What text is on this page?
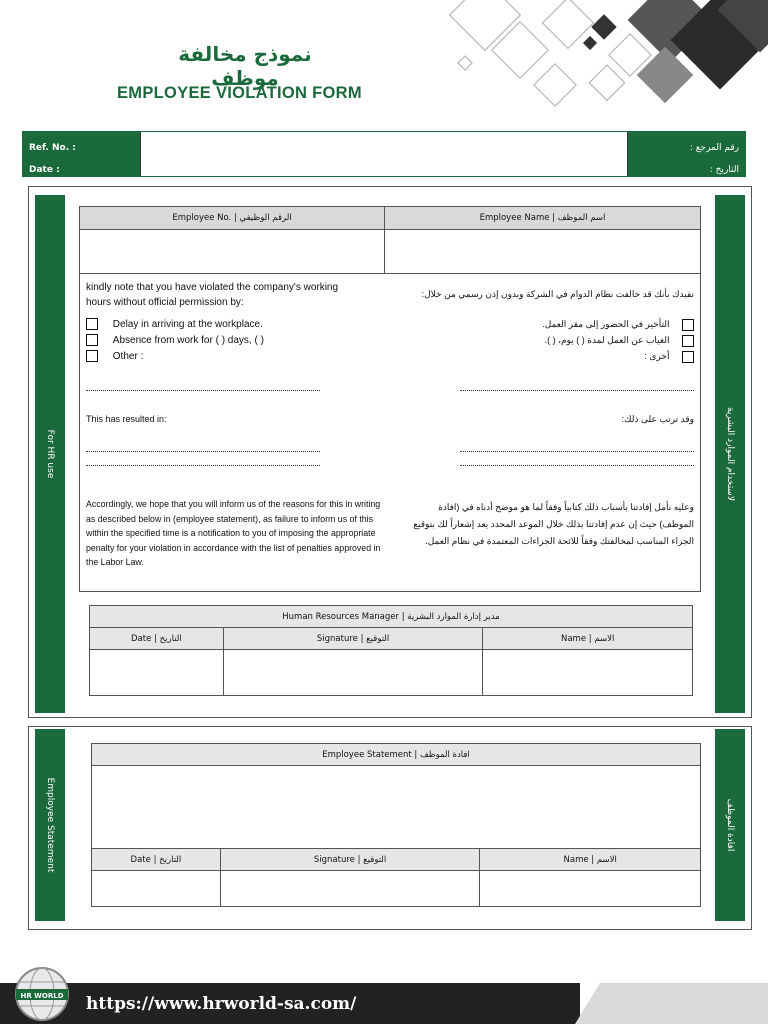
نموذج مخالفة موظف
EMPLOYEE VIOLATION FORM
Ref. No. :
Date :
رقم المرجع :
التاريخ :
For HR use	لاستخدام الموارد البشرية
Employee No. | الرقم الوظيفي	Employee Name | اسم الموظف
kindly note that you have violated the company's working hours without official permission by:
نفيدك بأنك قد خالفت نظام الدوام في الشركة وبدون إذن رسمي من خلال:
Delay in arriving at the workplace.
Absence from work for ( ) days, ( )
Other :
التأخير في الحضور إلى مقر العمل.
الغياب عن العمل لمدة ( ) يوم، ( ).
أخرى :
This has resulted in:	وقد ترتب على ذلك:
Accordingly, we hope that you will inform us of the reasons for this in writing as described below in (employee statement), as failure to inform us of this within the specified time is a notification to you of imposing the appropriate penalty for your violation in accordance with the list of penalties approved in the Labor Law.
وعليه نأمل إفادتنا بأسباب ذلك كتابياً وفقاً لما هو موضح أدناه في (افادة الموظف) حيث إن عدم إفادتنا بذلك خلال الموعد المحدد يعد إشعاراً لك بتوقيع الجزاء المناسب لمخالفتك وفقاً للائحة الجزاءات المعتمدة في نظام العمل.
Human Resources Manager | مدير إدارة الموارد البشرية		
Date | التاريخ	Signature | التوقيع	Name | الاسم

Employee Statement	افادة الموظف
Employee Statement | افادة الموظف		

Date | التاريخ	Signature | التوقيع	Name | الاسم

HR WORLD https://www.hrworld-sa.com/
